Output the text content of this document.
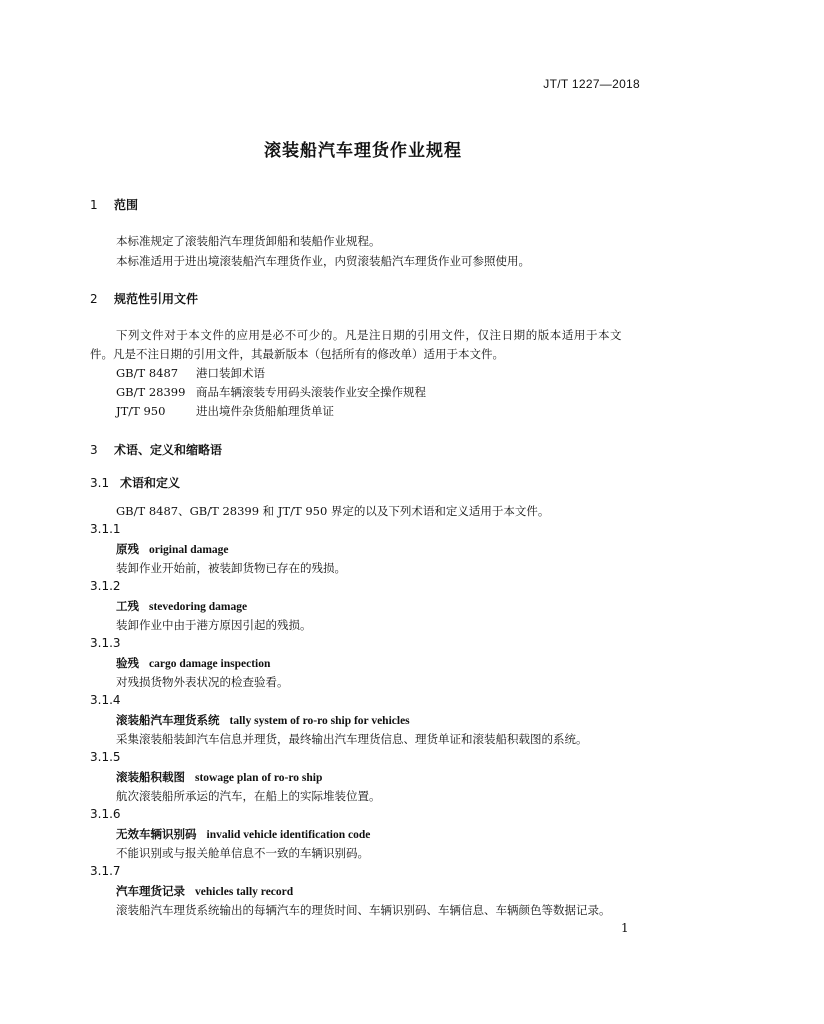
JT/T 1227—2018
滚装船汽车理货作业规程
1 范围
本标准规定了滚装船汽车理货卸船和装船作业规程。
本标准适用于进出境滚装船汽车理货作业，内贸滚装船汽车理货作业可参照使用。
2 规范性引用文件
下列文件对于本文件的应用是必不可少的。凡是注日期的引用文件，仅注日期的版本适用于本文
件。凡是不注日期的引用文件，其最新版本（包括所有的修改单）适用于本文件。
GB/T 8487 港口装卸术语
GB/T 28399 商品车辆滚装专用码头滚装作业安全操作规程
JT/T 950	进出境件杂货船舶理货单证
3 术语、定义和缩略语
3.1 术语和定义
GB/T 8487、GB/T 28399 和 JT/T 950 界定的以及下列术语和定义适用于本文件。
3.1.1
原残 original damage
装卸作业开始前，被装卸货物已存在的残损。
3.1.2
工残 stevedoring damage
装卸作业中由于港方原因引起的残损。
3.1.3
验残 cargo damage inspection
对残损货物外表状况的检查验看。
3.1.4
滚装船汽车理货系统 tally system of ro-ro ship for vehicles
采集滚装船装卸汽车信息并理货，最终输出汽车理货信息、理货单证和滚装船积载图的系统。
3.1.5
滚装船积载图 stowage plan of ro-ro ship
航次滚装船所承运的汽车，在船上的实际堆装位置。
3.1.6
无效车辆识别码 invalid vehicle identification code
不能识别或与报关舱单信息不一致的车辆识别码。
3.1.7
汽车理货记录 vehicles tally record
滚装船汽车理货系统输出的每辆汽车的理货时间、车辆识别码、车辆信息、车辆颜色等数据记录。
1
